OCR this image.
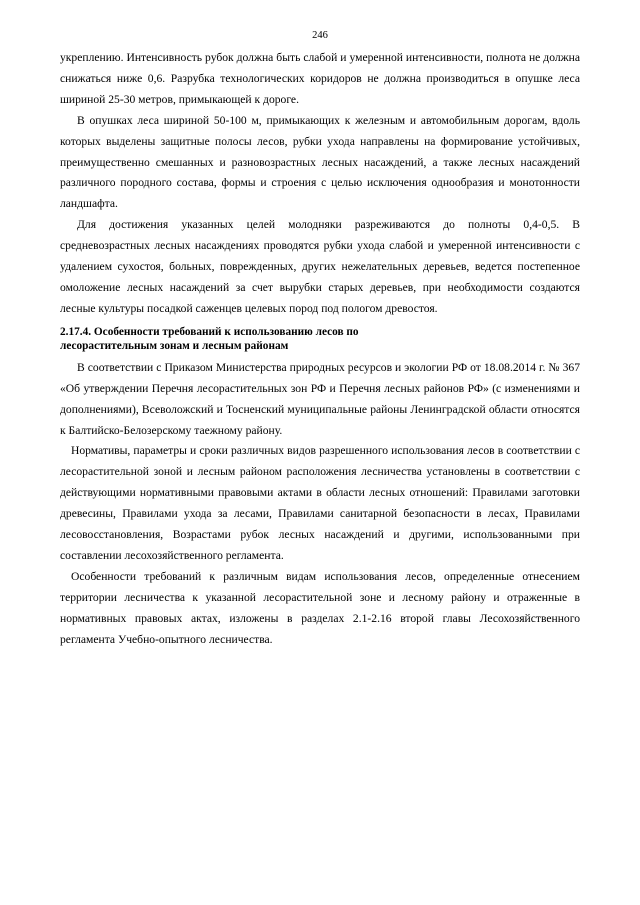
246

укреплению. Интенсивность рубок должна быть слабой и умеренной интенсивности, полнота не должна снижаться ниже 0,6. Разрубка технологических коридоров не должна производиться в опушке леса шириной 25-30 метров, примыкающей к дороге.

В опушках леса шириной 50-100 м, примыкающих к железным и автомобильным дорогам, вдоль которых выделены защитные полосы лесов, рубки ухода направлены на формирование устойчивых, преимущественно смешанных и разновозрастных лесных насаждений, а также лесных насаждений различного породного состава, формы и строения с целью исключения однообразия и монотонности ландшафта.

Для достижения указанных целей молодняки разреживаются до полноты 0,4-0,5. В средневозрастных лесных насаждениях проводятся рубки ухода слабой и умеренной интенсивности с удалением сухостоя, больных, поврежденных, других нежелательных деревьев, ведется постепенное омоложение лесных насаждений за счет вырубки старых деревьев, при необходимости создаются лесные культуры посадкой саженцев целевых пород под пологом древостоя.

2.17.4. Особенности требований к использованию лесов по
лесорастительным зонам и лесным районам

В соответствии с Приказом Министерства природных ресурсов и экологии РФ от 18.08.2014 г. № 367 «Об утверждении Перечня лесорастительных зон РФ и Перечня лесных районов РФ» (с изменениями и дополнениями), Всеволожский и Тосненский муниципальные районы Ленинградской области относятся к Балтийско-Белозерскому таежному району.

Нормативы, параметры и сроки различных видов разрешенного использования лесов в соответствии с лесорастительной зоной и лесным районом расположения лесничества установлены в соответствии с действующими нормативными правовыми актами в области лесных отношений: Правилами заготовки древесины, Правилами ухода за лесами, Правилами санитарной безопасности в лесах, Правилами лесовосстановления, Возрастами рубок лесных насаждений и другими, использованными при составлении лесохозяйственного регламента.

Особенности требований к различным видам использования лесов, определенные отнесением территории лесничества к указанной лесорастительной зоне и лесному району и отраженные в нормативных правовых актах, изложены в разделах 2.1-2.16 второй главы Лесохозяйственного регламента Учебно-опытного лесничества.
